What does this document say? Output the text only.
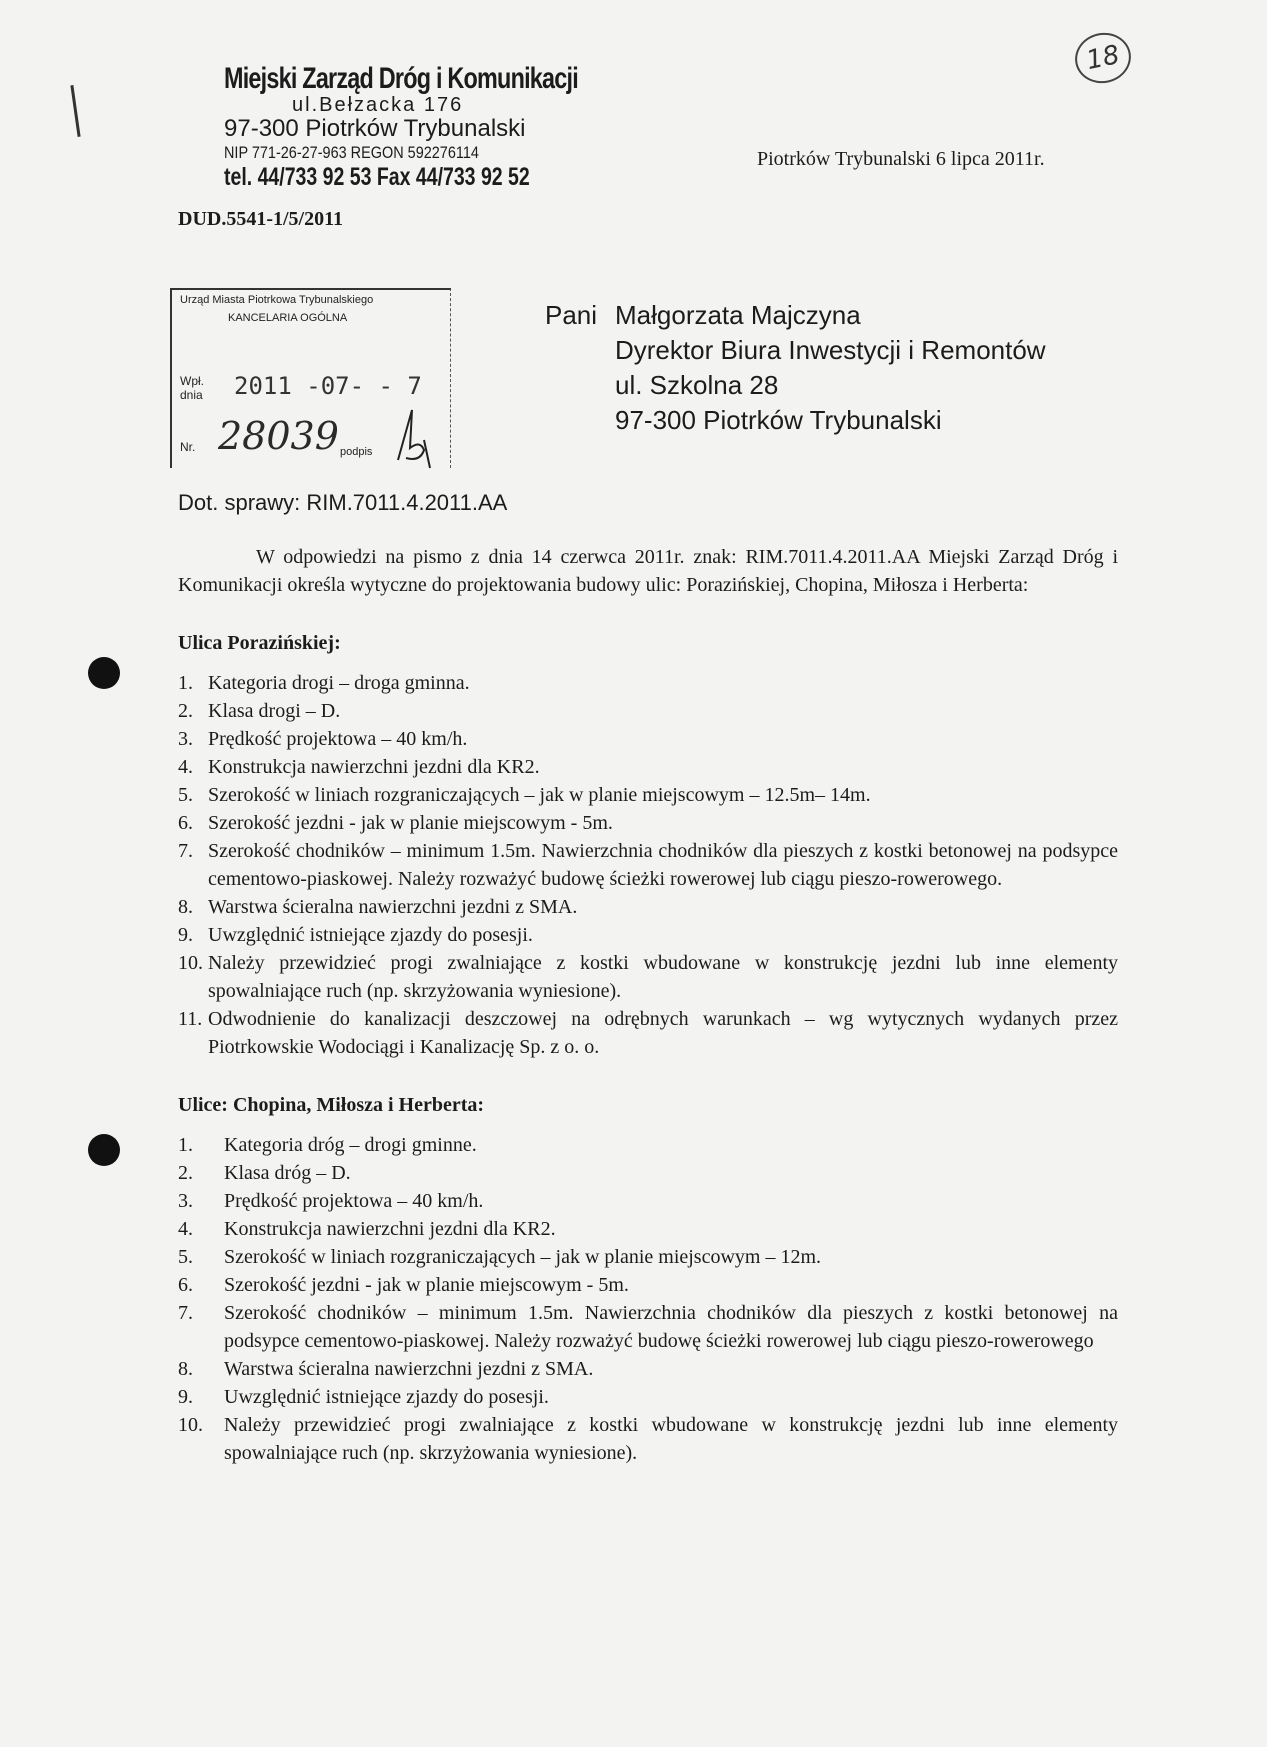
18
Miejski Zarząd Dróg i Komunikacji
ul.Bełzacka 176
97-300 Piotrków Trybunalski
NIP 771-26-27-963 REGON 592276114
tel. 44/733 92 53 Fax 44/733 92 52
Piotrków Trybunalski 6 lipca 2011r.
DUD.5541-1/5/2011
Urząd Miasta Piotrkowa Trybunalskiego
KANCELARIA OGÓLNA
Wpł. dnia	2011 -07- - 7
Nr. 28039 podpis
Pani Małgorzata Majczyna
Dyrektor Biura Inwestycji i Remontów
ul. Szkolna 28
97-300 Piotrków Trybunalski
Dot. sprawy: RIM.7011.4.2011.AA

W odpowiedzi na pismo z dnia 14 czerwca 2011r. znak: RIM.7011.4.2011.AA Miejski Zarząd Dróg i Komunikacji określa wytyczne do projektowania budowy ulic: Porazińskiej, Chopina, Miłosza i Herberta:

Ulica Porazińskiej:
1. Kategoria drogi – droga gminna.
2. Klasa drogi – D.
3. Prędkość projektowa – 40 km/h.
4. Konstrukcja nawierzchni jezdni dla KR2.
5. Szerokość w liniach rozgraniczających – jak w planie miejscowym – 12.5m– 14m.
6. Szerokość jezdni - jak w planie miejscowym - 5m.
7. Szerokość chodników – minimum 1.5m. Nawierzchnia chodników dla pieszych z kostki betonowej na podsypce cementowo-piaskowej. Należy rozważyć budowę ścieżki rowerowej lub ciągu pieszo-rowerowego.
8. Warstwa ścieralna nawierzchni jezdni z SMA.
9. Uwzględnić istniejące zjazdy do posesji.
10. Należy przewidzieć progi zwalniające z kostki wbudowane w konstrukcję jezdni lub inne elementy spowalniające ruch (np. skrzyżowania wyniesione).
11. Odwodnienie do kanalizacji deszczowej na odrębnych warunkach – wg wytycznych wydanych przez Piotrkowskie Wodociągi i Kanalizację Sp. z o. o.
Ulice: Chopina, Miłosza i Herberta:
1. Kategoria dróg – drogi gminne.
2. Klasa dróg – D.
3. Prędkość projektowa – 40 km/h.
4. Konstrukcja nawierzchni jezdni dla KR2.
5. Szerokość w liniach rozgraniczających – jak w planie miejscowym – 12m.
6. Szerokość jezdni - jak w planie miejscowym - 5m.
7. Szerokość chodników – minimum 1.5m. Nawierzchnia chodników dla pieszych z kostki betonowej na podsypce cementowo-piaskowej. Należy rozważyć budowę ścieżki rowerowej lub ciągu pieszo-rowerowego
8. Warstwa ścieralna nawierzchni jezdni z SMA.
9. Uwzględnić istniejące zjazdy do posesji.
10. Należy przewidzieć progi zwalniające z kostki wbudowane w konstrukcję jezdni lub inne elementy spowalniające ruch (np. skrzyżowania wyniesione).
